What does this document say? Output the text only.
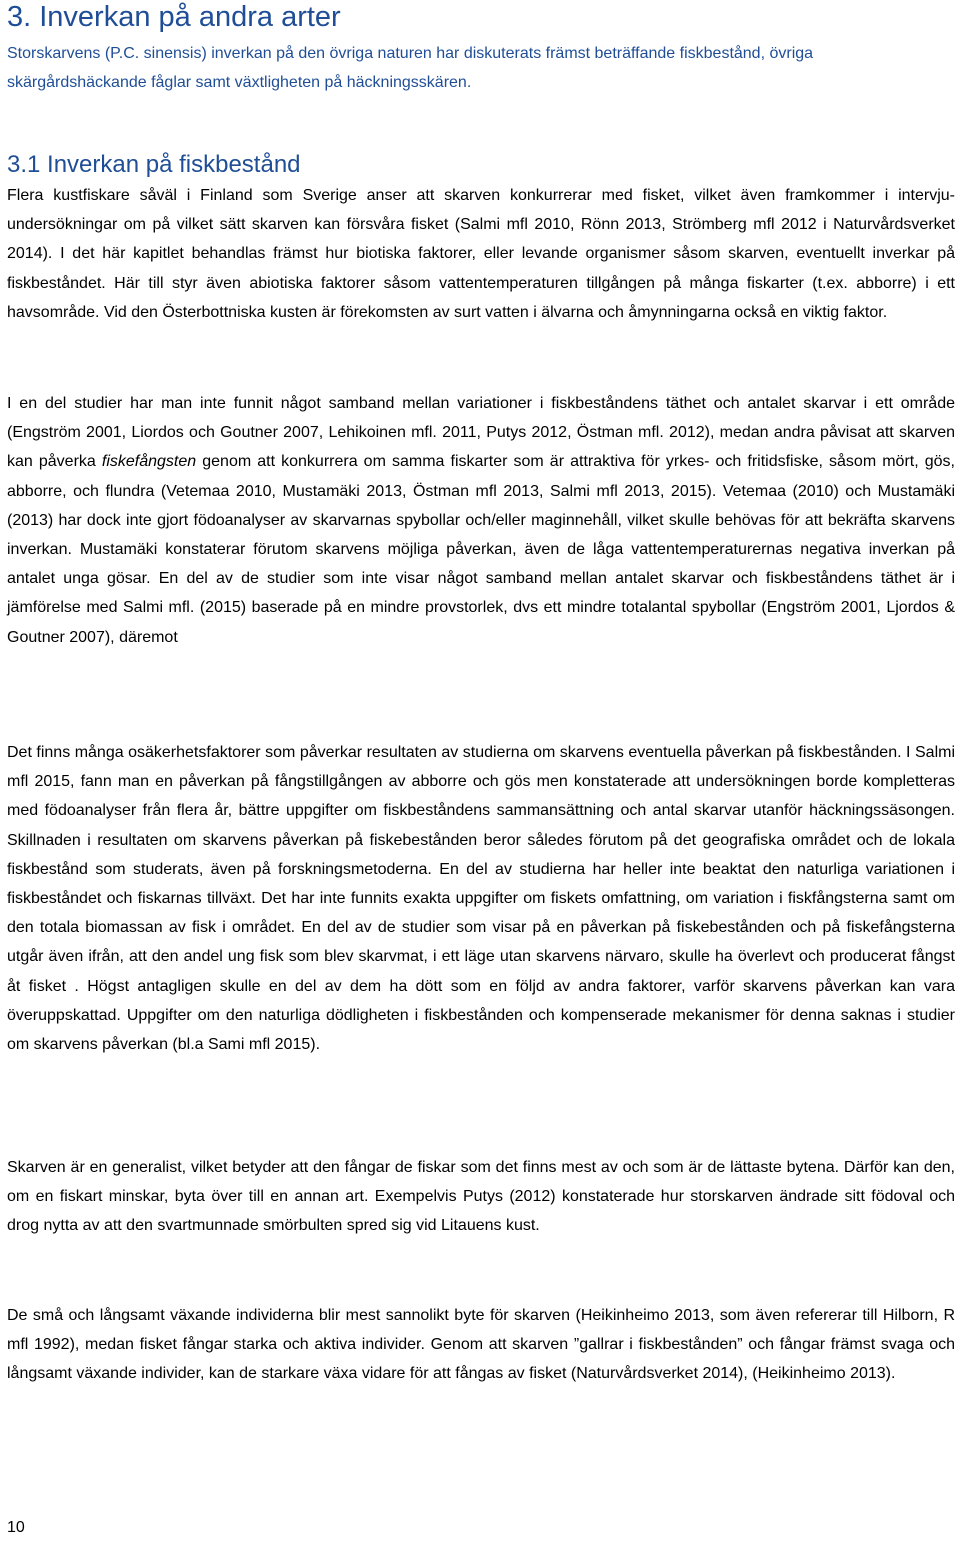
3. Inverkan på andra arter

Storskarvens (P.C. sinensis) inverkan på den övriga naturen har diskuterats främst beträffande fiskbestånd, övriga skärgårdshäckande fåglar samt växtligheten på häckningsskären.

3.1 Inverkan på fiskbestånd

Flera kustfiskare såväl i Finland som Sverige anser att skarven konkurrerar med fisket, vilket även framkommer i intervju-undersökningar om på vilket sätt skarven kan försvåra fisket (Salmi mfl 2010, Rönn 2013, Strömberg mfl 2012 i Naturvårdsverket 2014). I det här kapitlet behandlas främst hur biotiska faktorer, eller levande organismer såsom skarven, eventuellt inverkar på fiskbeståndet. Här till styr även abiotiska faktorer såsom vattentemperaturen tillgången på många fiskarter (t.ex. abborre) i ett havsområde. Vid den Österbottniska kusten är förekomsten av surt vatten i älvarna och åmynningarna också en viktig faktor.

I en del studier har man inte funnit något samband mellan variationer i fiskbeståndens täthet och antalet skarvar i ett område (Engström 2001, Liordos och Goutner 2007, Lehikoinen mfl. 2011, Putys 2012, Östman mfl. 2012), medan andra påvisat att skarven kan påverka fiskefångsten genom att konkurrera om samma fiskarter som är attraktiva för yrkes- och fritidsfiske, såsom mört, gös, abborre, och flundra (Vetemaa 2010, Mustamäki 2013, Östman mfl 2013, Salmi mfl 2013, 2015). Vetemaa (2010) och Mustamäki (2013) har dock inte gjort födoanalyser av skarvarnas spybollar och/eller maginnehåll, vilket skulle behövas för att bekräfta skarvens inverkan. Mustamäki konstaterar förutom skarvens möjliga påverkan, även de låga vattentemperaturernas negativa inverkan på antalet unga gösar. En del av de studier som inte visar något samband mellan antalet skarvar och fiskbeståndens täthet är i jämförelse med Salmi mfl. (2015) baserade på en mindre provstorlek, dvs ett mindre totalantal spybollar (Engström 2001, Ljordos & Goutner 2007), däremot

Det finns många osäkerhetsfaktorer som påverkar resultaten av studierna om skarvens eventuella påverkan på fiskbestånden. I Salmi mfl 2015, fann man en påverkan på fångstillgången av abborre och gös men konstaterade att undersökningen borde kompletteras med födoanalyser från flera år, bättre uppgifter om fiskbeståndens sammansättning och antal skarvar utanför häckningssäsongen. Skillnaden i resultaten om skarvens påverkan på fiskebestånden beror således förutom på det geografiska området och de lokala fiskbestånd som studerats, även på forskningsmetoderna. En del av studierna har heller inte beaktat den naturliga variationen i fiskbeståndet och fiskarnas tillväxt. Det har inte funnits exakta uppgifter om fiskets omfattning, om variation i fiskfångsterna samt om den totala biomassan av fisk i området. En del av de studier som visar på en påverkan på fiskebestånden och på fiskefångsterna utgår även ifrån, att den andel ung fisk som blev skarvmat, i ett läge utan skarvens närvaro, skulle ha överlevt och producerat fångst åt fisket . Högst antagligen skulle en del av dem ha dött som en följd av andra faktorer, varför skarvens påverkan kan vara överuppskattad. Uppgifter om den naturliga dödligheten i fiskbestånden och kompenserade mekanismer för denna saknas i studier om skarvens påverkan (bl.a Sami mfl 2015).

Skarven är en generalist, vilket betyder att den fångar de fiskar som det finns mest av och som är de lättaste bytena. Därför kan den, om en fiskart minskar, byta över till en annan art. Exempelvis Putys (2012) konstaterade hur storskarven ändrade sitt födoval och drog nytta av att den svartmunnade smörbulten spred sig vid Litauens kust.

De små och långsamt växande individerna blir mest sannolikt byte för skarven (Heikinheimo 2013, som även refererar till Hilborn, R mfl 1992), medan fisket fångar starka och aktiva individer. Genom att skarven ”gallrar i fiskbestånden” och fångar främst svaga och långsamt växande individer, kan de starkare växa vidare för att fångas av fisket (Naturvårdsverket 2014), (Heikinheimo 2013).

10
